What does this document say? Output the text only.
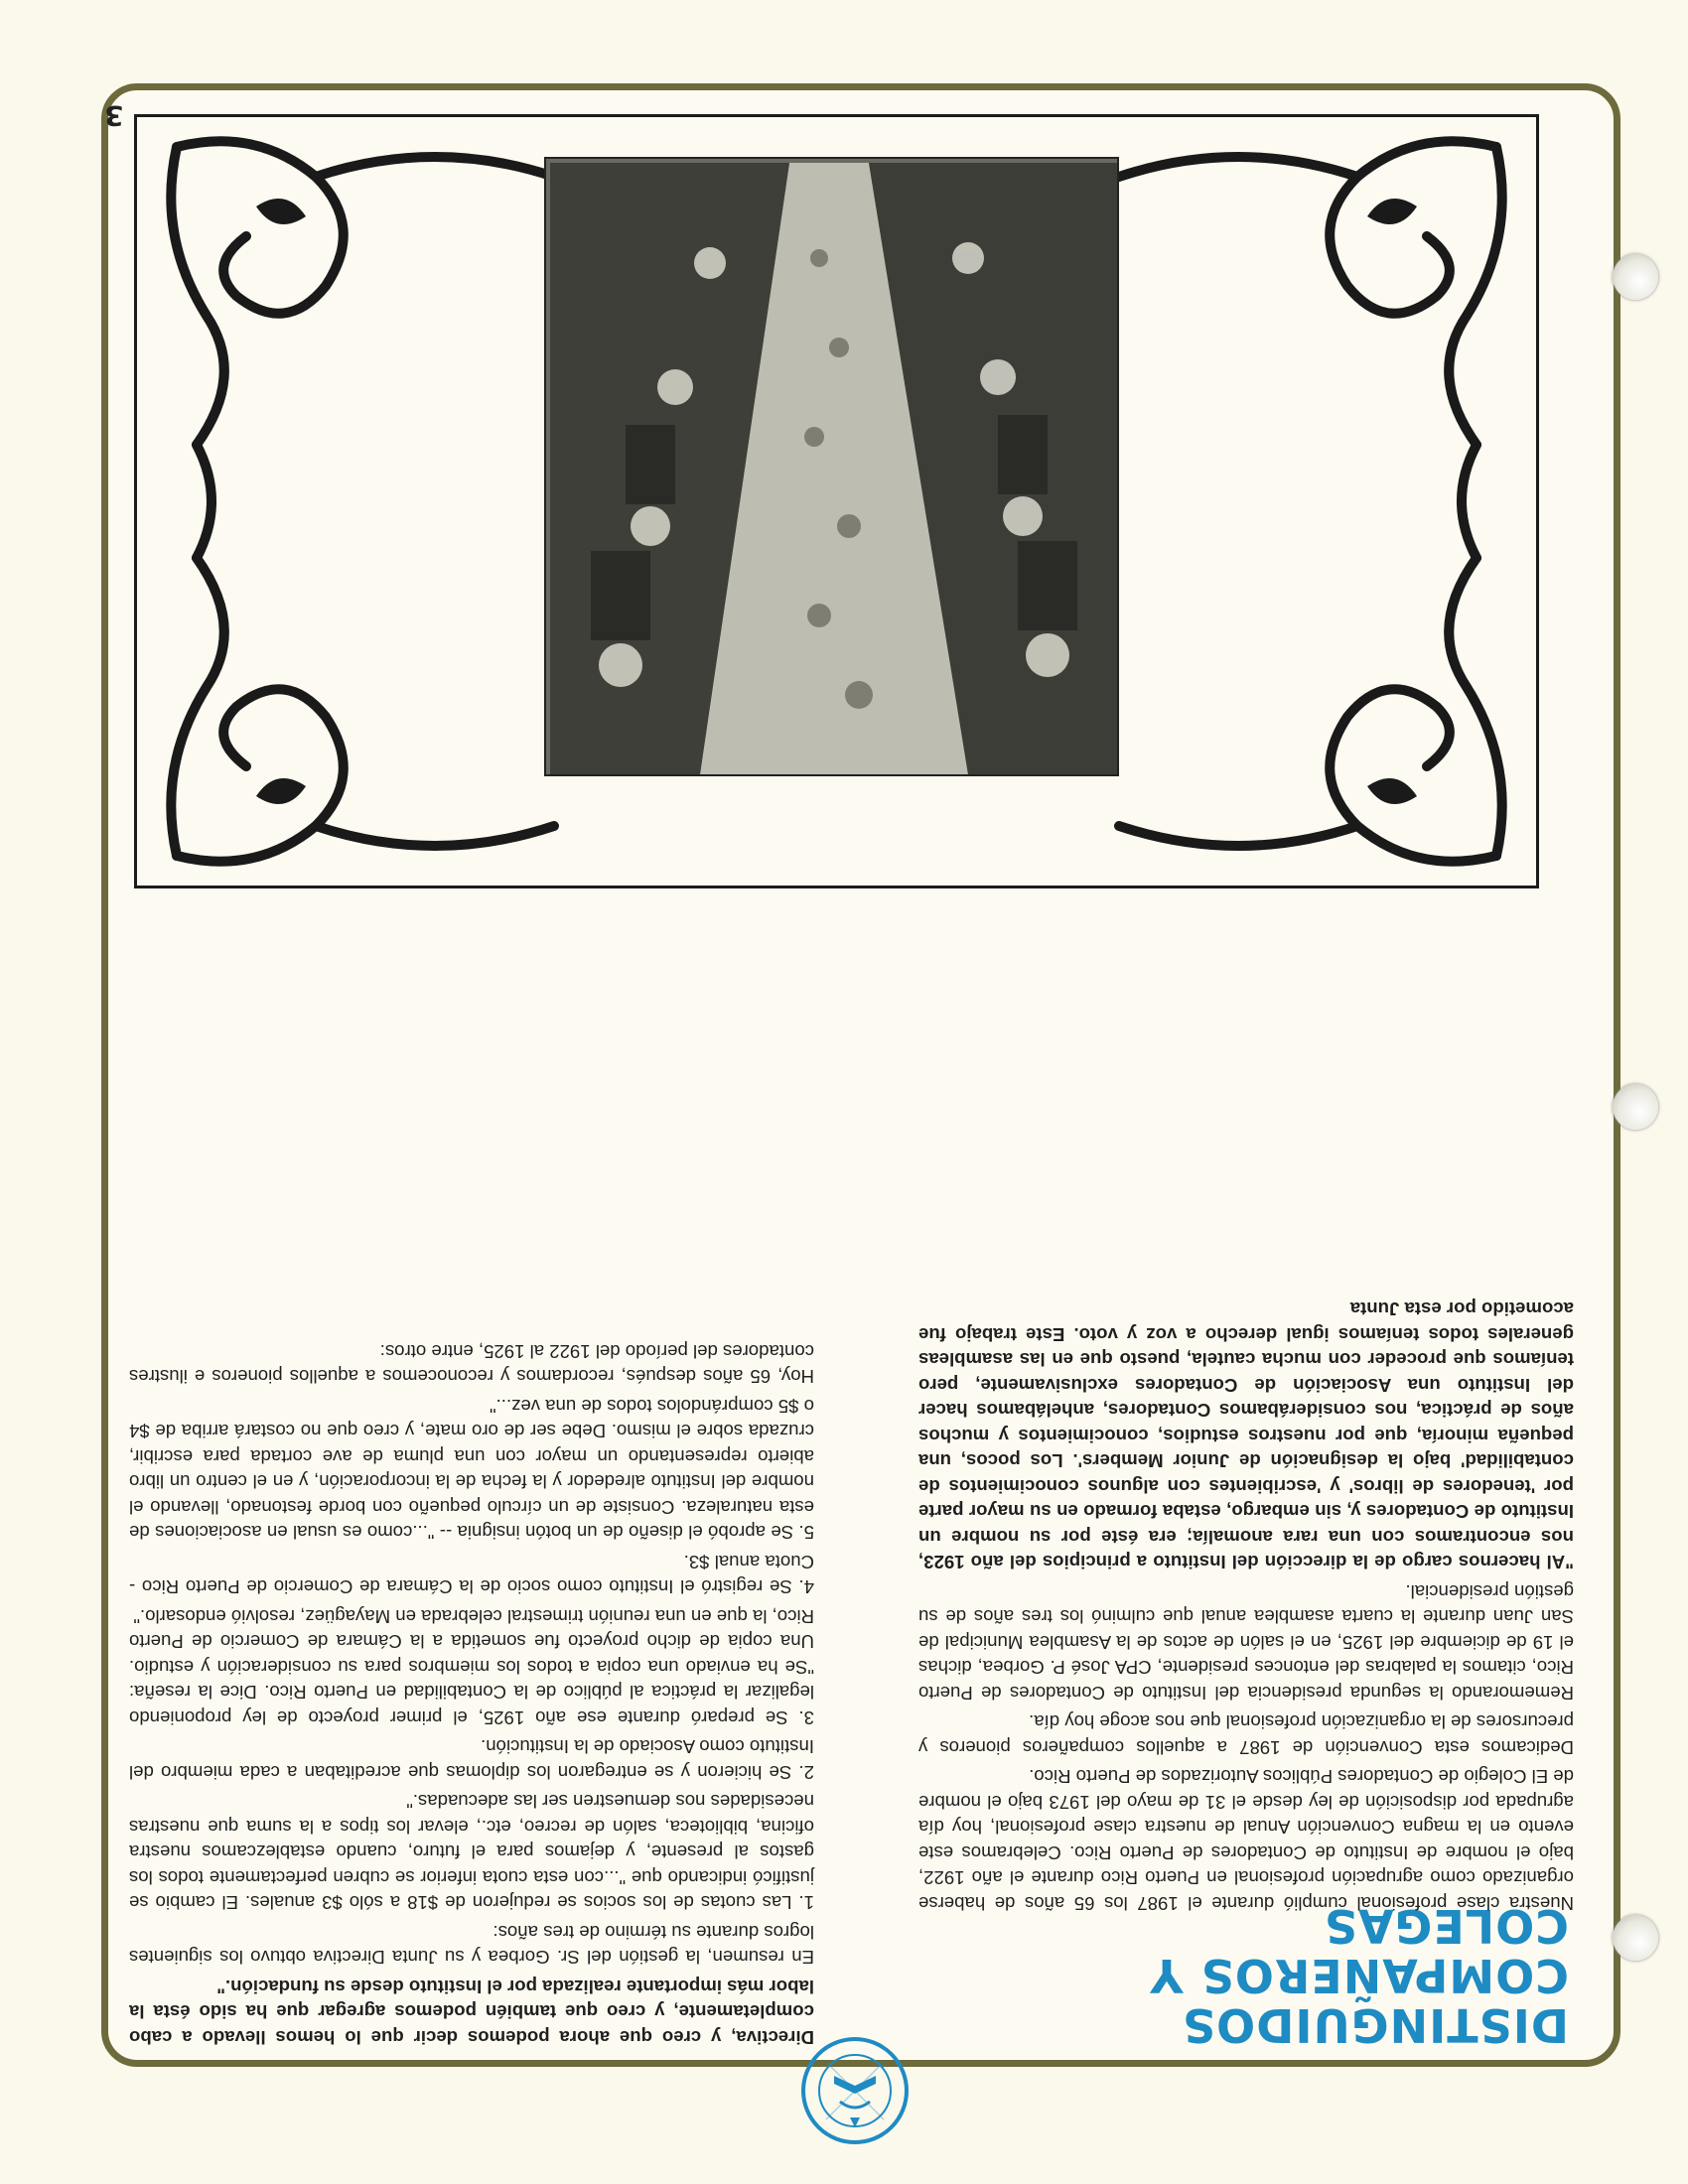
DISTINGUIDOS
COMPAÑEROS Y COLEGAS

Nuestra clase profesional cumplió durante el 1987 los 65 años de haberse organizado como agrupación profesional en Puerto Rico durante el año 1922, bajo el nombre de Instituto de Contadores de Puerto Rico. Celebramos este evento en la magna Convención Anual de nuestra clase profesional, hoy día agrupada por disposición de ley desde el 31 de mayo del 1973 bajo el nombre de El Colegio de Contadores Públicos Autorizados de Puerto Rico.

Dedicamos esta Convención de 1987 a aquellos compañeros pioneros y precursores de la organización profesional que nos acoge hoy día.

Rememorando la segunda presidencia del Instituto de Contadores de Puerto Rico, citamos la palabras del entonces presidente, CPA José P. Gorbea, dichas el 19 de diciembre del 1925, en el salón de actos de la Asamblea Municipal de San Juan durante la cuarta asamblea anual que culminó los tres años de su gestión presidencial.

"Al hacernos cargo de la dirección del Instituto a principios del año 1923, nos encontramos con una rara anomalía; era éste por su nombre un Instituto de Contadores y, sin embargo, estaba formado en su mayor parte por 'tenedores de libros' y 'escribientes con algunos conocimientos de contabilidad' bajo la designación de Junior Members'. Los pocos, una pequeña minoría, que por nuestros estudios, conocimientos y muchos años de práctica, nos considerábamos Contadores, anhelábamos hacer del Instituto una Asociación de Contadores exclusivamente, pero teníamos que proceder con mucha cautela, puesto que en las asambleas generales todos teníamos igual derecho a voz y voto. Este trabajo fue acometido por esta Junta

Directiva, y creo que ahora podemos decir que lo hemos llevado a cabo completamente, y creo que también podemos agregar que ha sido ésta la labor más importante realizada por el Instituto desde su fundación."

En resumen, la gestión del Sr. Gorbea y su Junta Directiva obtuvo los siguientes logros durante su término de tres años:

1. Las cuotas de los socios se redujeron de $18 a sólo $3 anuales. El cambio se justificó indicando que "...con esta cuota inferior se cubren perfectamente todos los gastos al presente, y dejamos para el futuro, cuando establezcamos nuestra oficina, biblioteca, salón de recreo, etc., elevar los tipos a la suma que nuestras necesidades nos demuestren ser las adecuadas."

2. Se hicieron y se entregaron los diplomas que acreditaban a cada miembro del Instituto como Asociado de la Institución.

3. Se preparó durante ese año 1925, el primer proyecto de ley proponiendo legalizar la práctica al público de la Contabilidad en Puerto Rico. Dice la reseña: "Se ha enviado una copia a todos los miembros para su consideración y estudio. Una copia de dicho proyecto fue sometida a la Cámara de Comercio de Puerto Rico, la que en una reunión trimestral celebrada en Mayagüez, resolvió endosarlo."

4. Se registró el Instituto como socio de la Cámara de Comercio de Puerto Rico - Cuota anual $3.

5. Se aprobó el diseño de un botón insignia -- "...como es usual en asociaciones de esta naturaleza. Consiste de un círculo pequeño con borde festonado, llevando el nombre del Instituto alrededor y la fecha de la incorporación, y en el centro un libro abierto representando un mayor con una pluma de ave cortada para escribir, cruzada sobre el mismo. Debe ser de oro mate, y creo que no costará arriba de $4 o $5 comprándolos todos de una vez..."

Hoy, 65 años después, recordamos y reconocemos a aquellos pioneros e ilustres contadores del período del 1922 al 1925, entre otros:

3
